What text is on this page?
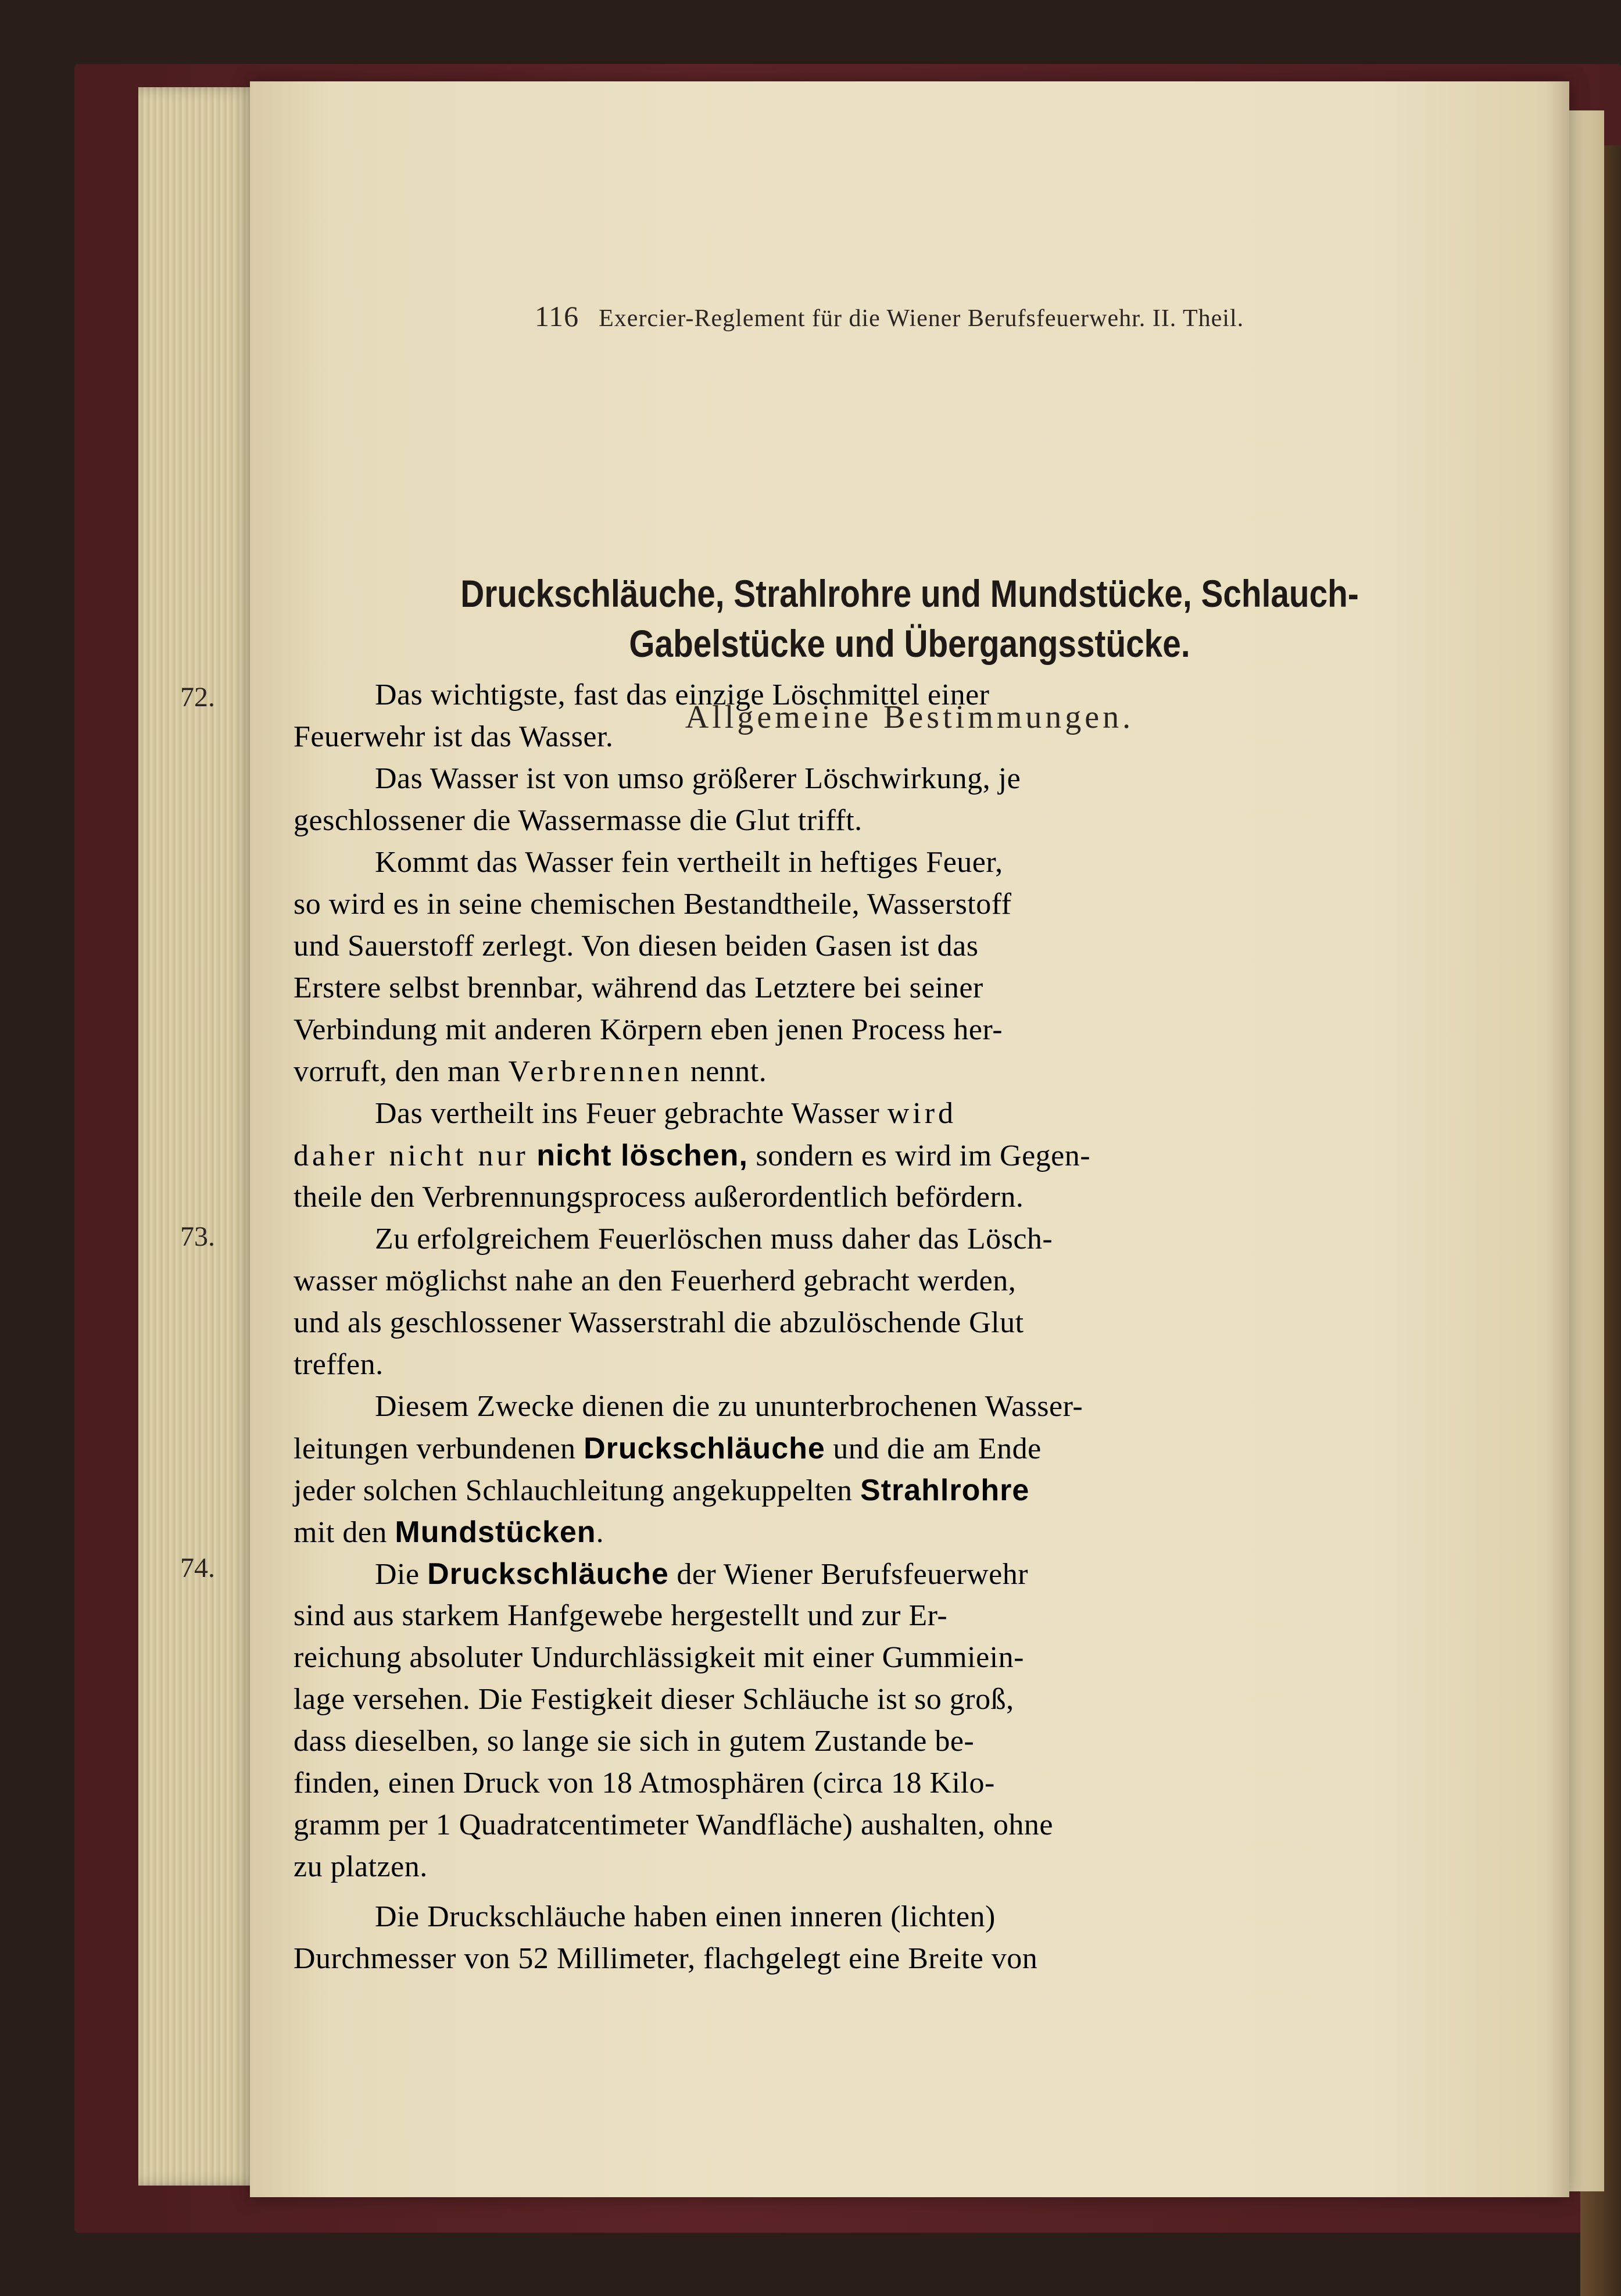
116 Exercier-Reglement für die Wiener Berufsfeuerwehr. II. Theil.
Druckschläuche, Strahlrohre und Mundstücke, Schlauch-
Gabelstücke und Übergangsstücke.
Allgemeine Bestimmungen.
72.
73.
74.
Das wichtigste, fast das einzige Löschmittel einer
Feuerwehr ist das Wasser.
Das Wasser ist von umso größerer Löschwirkung, je
geschlossener die Wassermasse die Glut trifft.
Kommt das Wasser fein vertheilt in heftiges Feuer,
so wird es in seine chemischen Bestandtheile, Wasserstoff
und Sauerstoff zerlegt. Von diesen beiden Gasen ist das
Erstere selbst brennbar, während das Letztere bei seiner
Verbindung mit anderen Körpern eben jenen Process her-
vorruft, den man Verbrennen nennt.
Das vertheilt ins Feuer gebrachte Wasser wird
daher nicht nur nicht löschen, sondern es wird im Gegen-
theile den Verbrennungsprocess außerordentlich befördern.
Zu erfolgreichem Feuerlöschen muss daher das Lösch-
wasser möglichst nahe an den Feuerherd gebracht werden,
und als geschlossener Wasserstrahl die abzulöschende Glut
treffen.
Diesem Zwecke dienen die zu ununterbrochenen Wasser-
leitungen verbundenen Druckschläuche und die am Ende
jeder solchen Schlauchleitung angekuppelten Strahlrohre
mit den Mundstücken.
Die Druckschläuche der Wiener Berufsfeuerwehr
sind aus starkem Hanfgewebe hergestellt und zur Er-
reichung absoluter Undurchlässigkeit mit einer Gummiein-
lage versehen. Die Festigkeit dieser Schläuche ist so groß,
dass dieselben, so lange sie sich in gutem Zustande be-
finden, einen Druck von 18 Atmosphären (circa 18 Kilo-
gramm per 1 Quadratcentimeter Wandfläche) aushalten, ohne
zu platzen.
Die Druckschläuche haben einen inneren (lichten)
Durchmesser von 52 Millimeter, flachgelegt eine Breite von
